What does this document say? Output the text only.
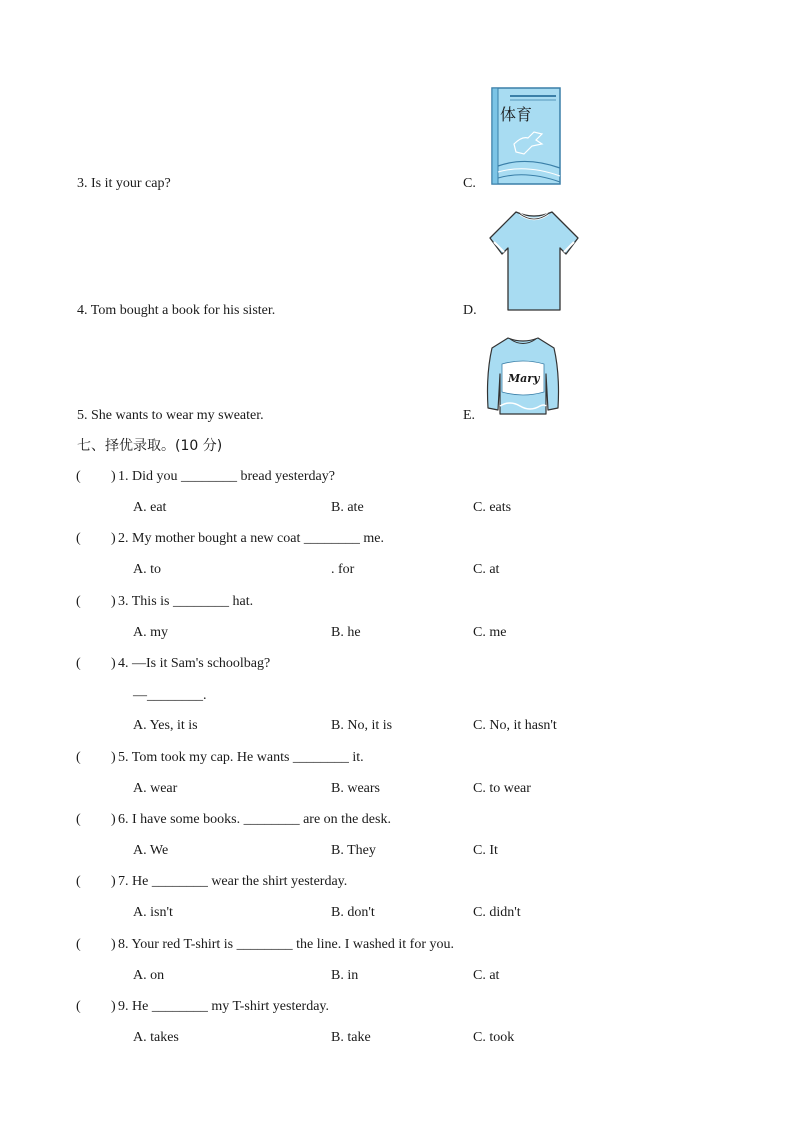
3. Is it your cap?	C.
体育
4. Tom bought a book for his sister.	D.
5. She wants to wear my sweater.	E.
Mary
七、择优录取。(10 分)
( ) 1. Did you ________ bread yesterday?
A. eat	B. ate	C. eats
( ) 2. My mother bought a new coat ________ me.
A. to	. for	C. at
( ) 3. This is ________ hat.
A. my	B. he	C. me
( ) 4. —Is it Sam's schoolbag?
—________.
A. Yes, it is	B. No, it is	C. No, it hasn't
( ) 5. Tom took my cap. He wants ________ it.
A. wear	B. wears	C. to wear
( ) 6. I have some books. ________ are on the desk.
A. We	B. They	C. It
( ) 7. He ________ wear the shirt yesterday.
A. isn't	B. don't	C. didn't
( ) 8. Your red T-shirt is ________ the line. I washed it for you.
A. on	B. in	C. at
( ) 9. He ________ my T-shirt yesterday.
A. takes	B. take	C. took
